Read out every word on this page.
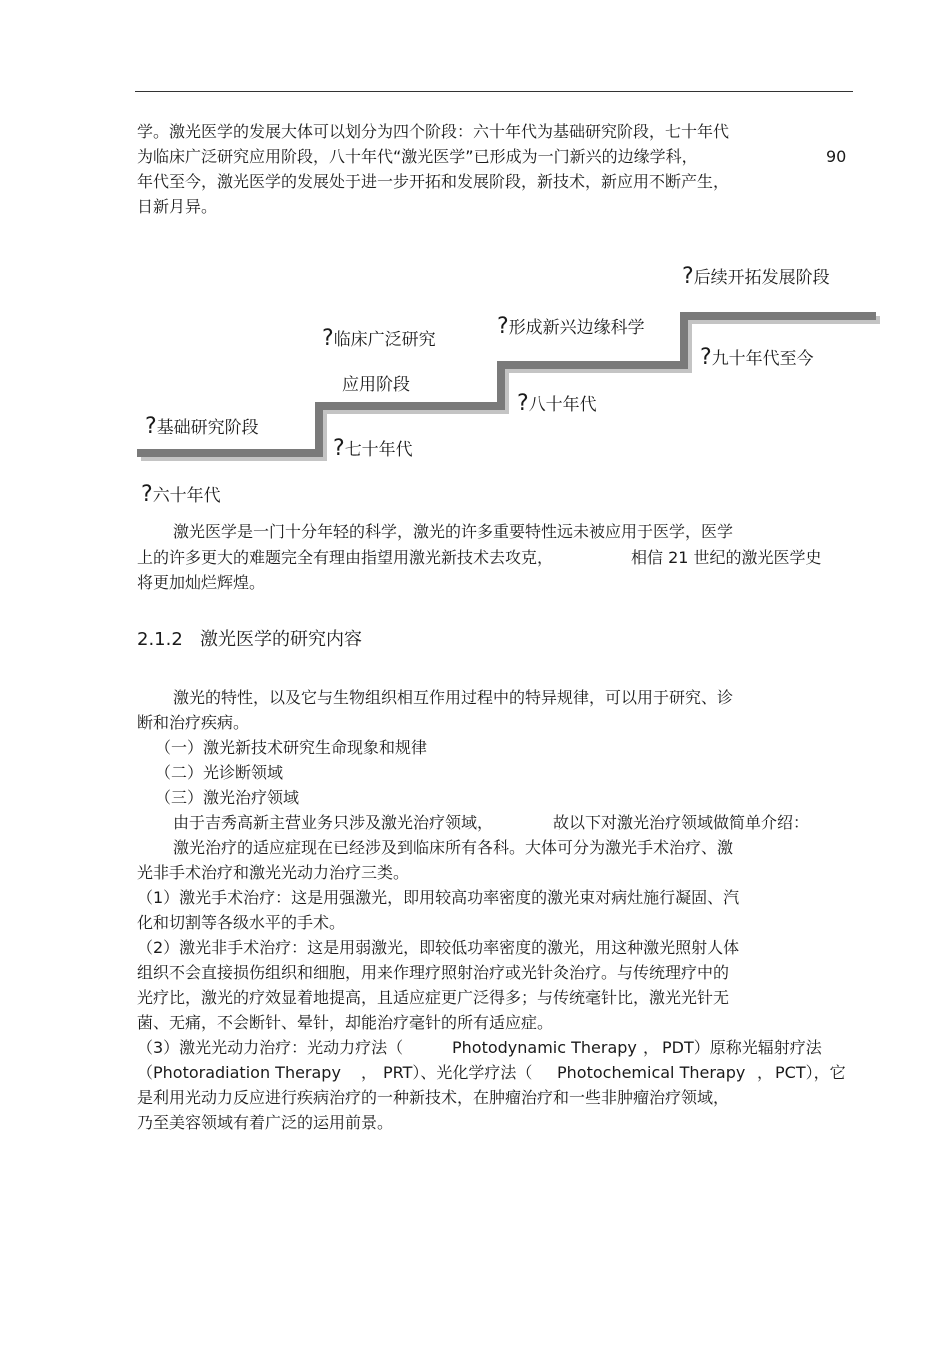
学。激光医学的发展大体可以划分为四个阶段：六十年代为基础研究阶段，七十年代
为临床广泛研究应用阶段，八十年代“激光医学”已形成为一门新兴的边缘学科，	90
年代至今，激光医学的发展处于进一步开拓和发展阶段，新技术，新应用不断产生，
日新月异。
?基础研究阶段
?六十年代
?临床广泛研究
应用阶段
?七十年代
?形成新兴边缘科学
?八十年代
?后续开拓发展阶段
?九十年代至今
激光医学是一门十分年轻的科学，激光的许多重要特性远未被应用于医学，医学
上的许多更大的难题完全有理由指望用激光新技术去攻克，	相信 21 世纪的激光医学史
将更加灿烂辉煌。
2.1.2 激光医学的研究内容
激光的特性，以及它与生物组织相互作用过程中的特异规律，可以用于研究、诊
断和治疗疾病。
（一）激光新技术研究生命现象和规律
（二）光诊断领域
（三）激光治疗领域
由于吉秀高新主营业务只涉及激光治疗领域，	故以下对激光治疗领域做简单介绍：
激光治疗的适应症现在已经涉及到临床所有各科。大体可分为激光手术治疗、激
光非手术治疗和激光光动力治疗三类。
（1）激光手术治疗：这是用强激光，即用较高功率密度的激光束对病灶施行凝固、汽
化和切割等各级水平的手术。
（2）激光非手术治疗：这是用弱激光，即较低功率密度的激光，用这种激光照射人体
组织不会直接损伤组织和细胞，用来作理疗照射治疗或光针灸治疗。与传统理疗中的
光疗比，激光的疗效显着地提高，且适应症更广泛得多；与传统毫针比，激光光针无
菌、无痛，不会断针、晕针，却能治疗毫针的所有适应症。
（3）激光光动力治疗：光动力疗法（	Photodynamic Therapy ， PDT）原称光辐射疗法
（Photoradiation Therapy ， PRT）、光化学疗法（ Photochemical Therapy ， PCT），它
是利用光动力反应进行疾病治疗的一种新技术，在肿瘤治疗和一些非肿瘤治疗领域，
乃至美容领域有着广泛的运用前景。
